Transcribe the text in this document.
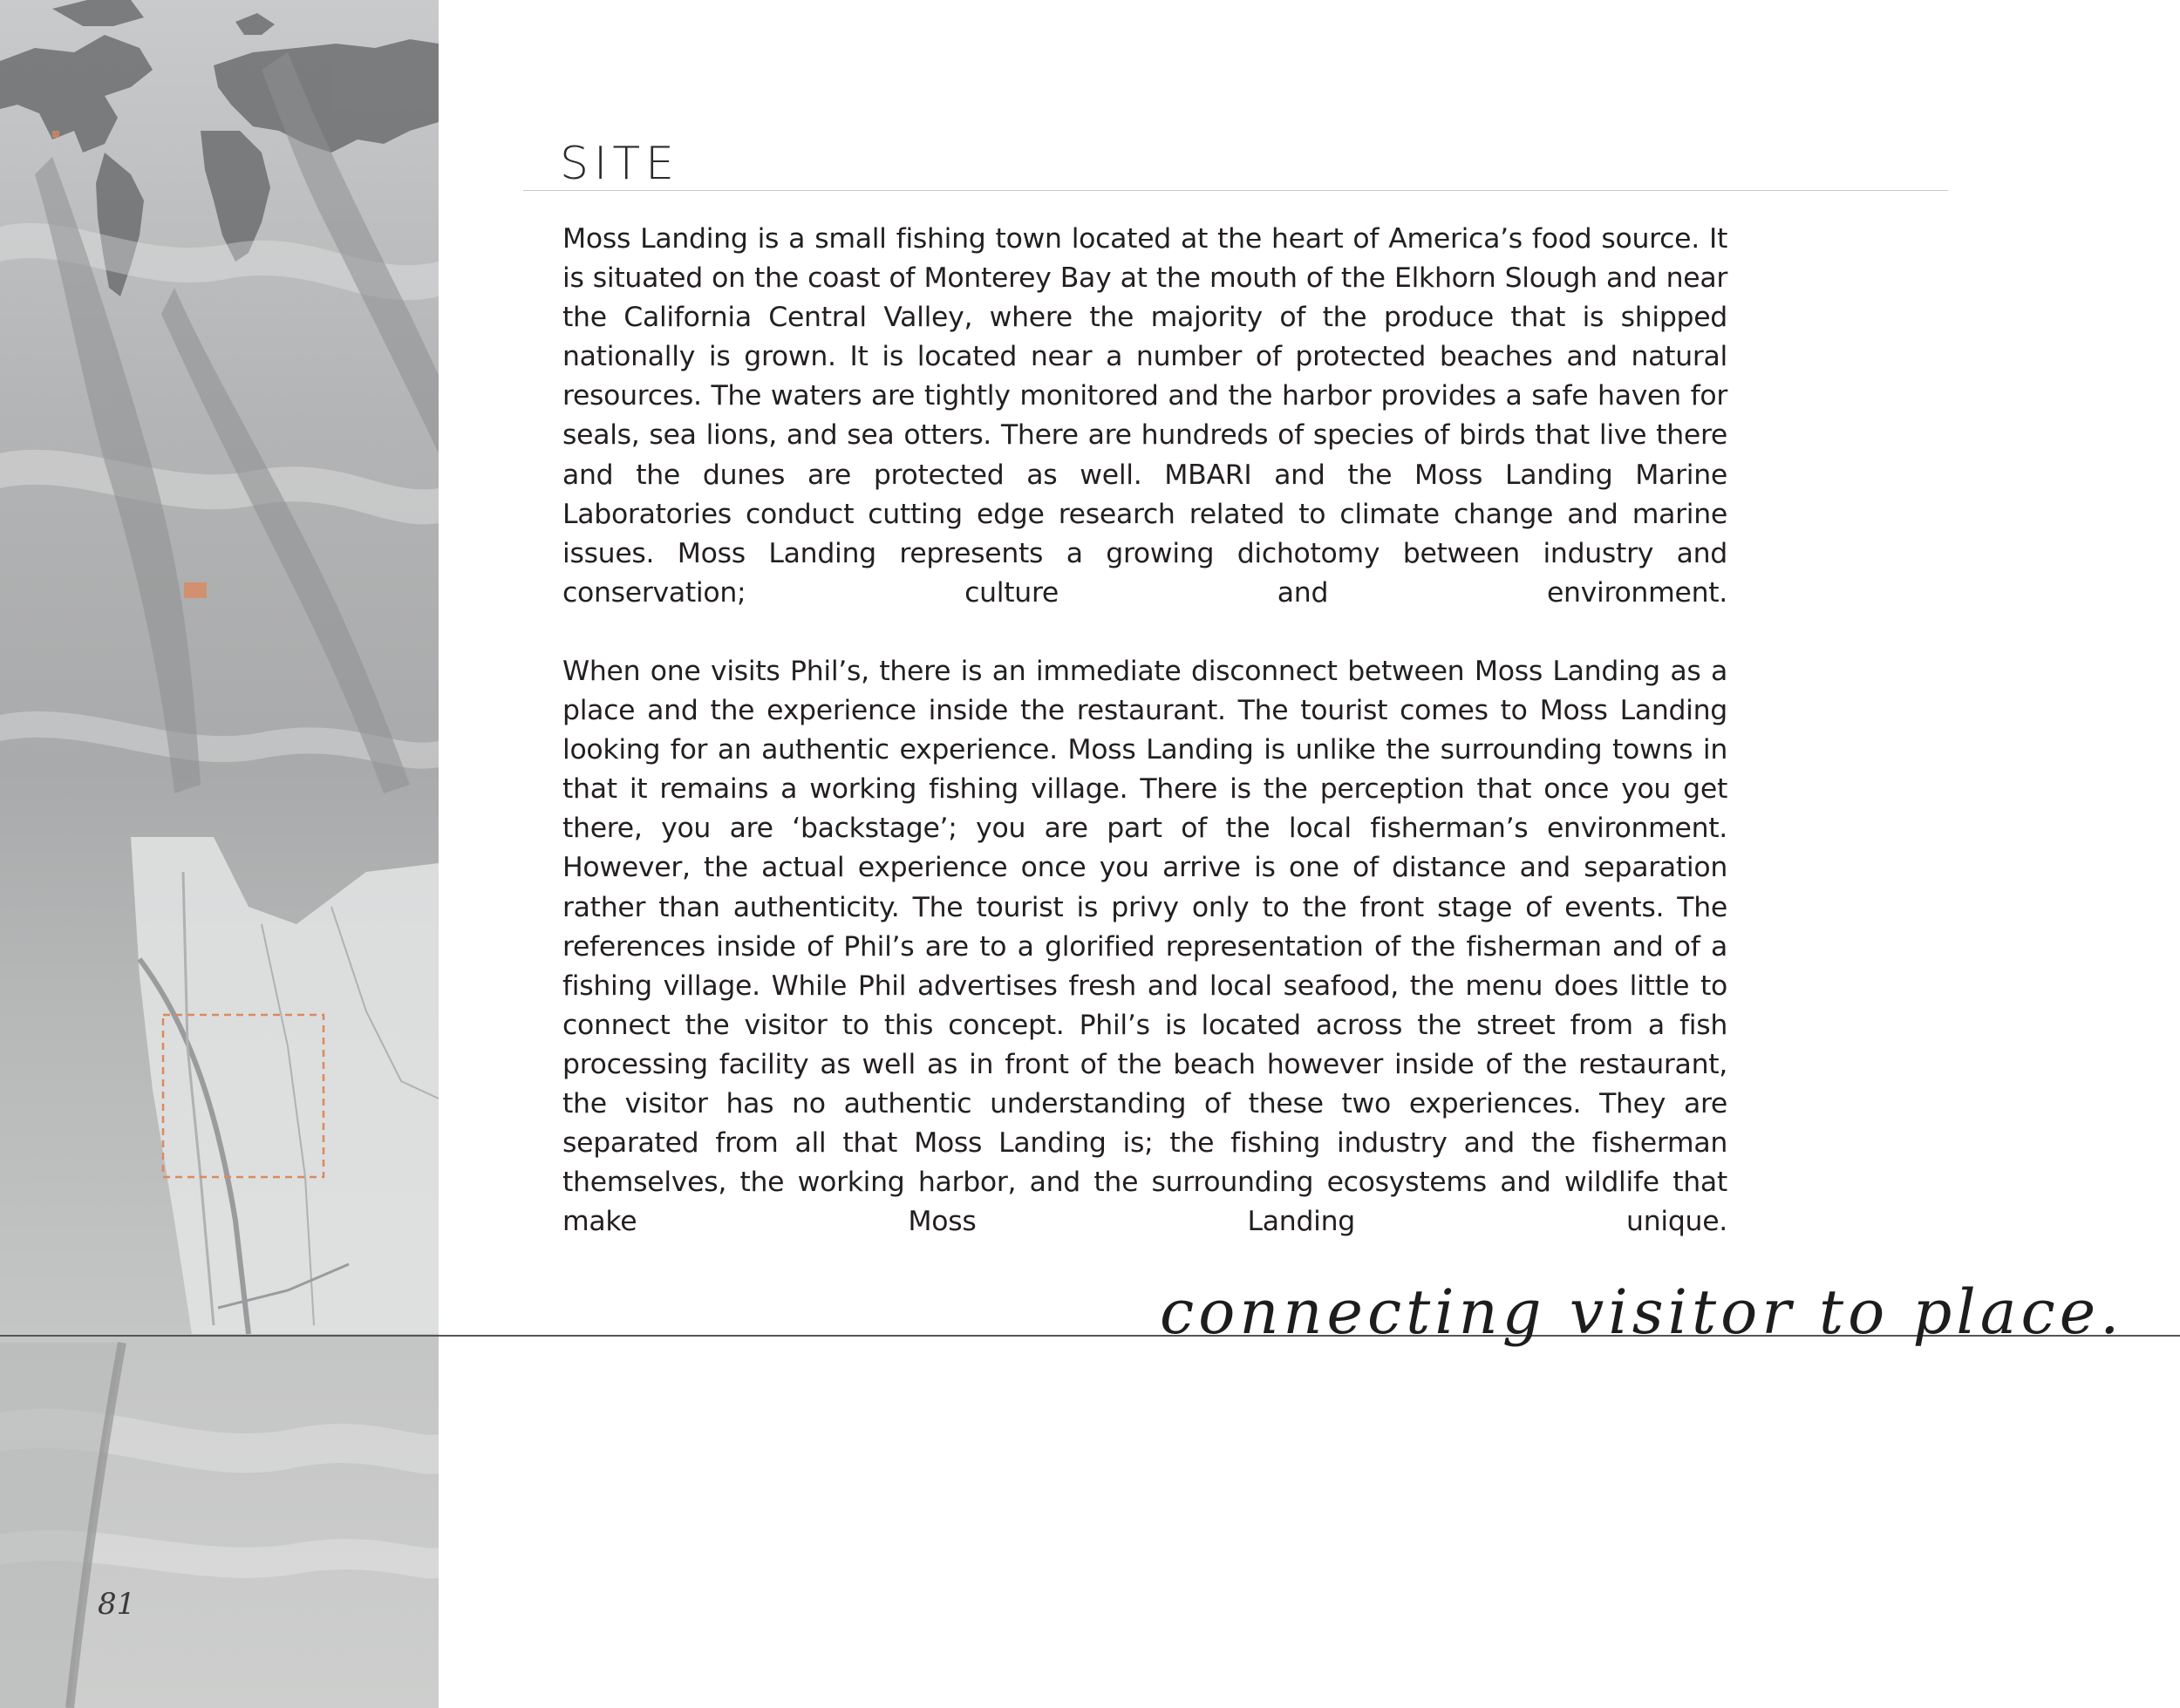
81
SITE

Moss Landing is a small fishing town located at the heart of America’s food source. It is situated on the coast of Monterey Bay at the mouth of the Elkhorn Slough and near the California Central Valley, where the majority of the produce that is shipped nationally is grown. It is located near a number of protected beaches and natural resources. The waters are tightly monitored and the harbor provides a safe haven for seals, sea lions, and sea otters. There are hundreds of species of birds that live there and the dunes are protected as well. MBARI and the Moss Landing Marine Laboratories conduct cutting edge research related to climate change and marine issues. Moss Landing represents a growing dichotomy between industry and conservation; culture and environment.

When one visits Phil’s, there is an immediate disconnect between Moss Landing as a place and the experience inside the restaurant. The tourist comes to Moss Landing looking for an authentic experience. Moss Landing is unlike the surrounding towns in that it remains a working fishing village. There is the perception that once you get there, you are ‘backstage’; you are part of the local fisherman’s environment. However, the actual experience once you arrive is one of distance and separation rather than authenticity. The tourist is privy only to the front stage of events. The references inside of Phil’s are to a glorified representation of the fisherman and of a fishing village. While Phil advertises fresh and local seafood, the menu does little to connect the visitor to this concept. Phil’s is located across the street from a fish processing facility as well as in front of the beach however inside of the restaurant, the visitor has no authentic understanding of these two experiences. They are separated from all that Moss Landing is; the fishing industry and the fisherman themselves, the working harbor, and the surrounding ecosystems and wildlife that make Moss Landing unique.

connecting visitor to place.
